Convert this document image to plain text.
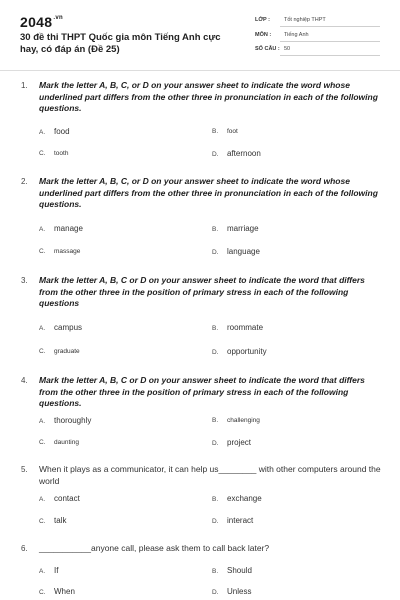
$2048^{.vn}$
30 đề thi THPT Quốc gia môn Tiếng Anh cực hay, có đáp án (Đề 25)
LỚP :	Tốt nghiệp THPT
MÔN : Tiếng Anh
SỐ CÂU : 50
1. Mark the letter A, B, C, or D on your answer sheet to indicate the word whose underlined part differs from the other three in pronunciation in each of the following questions.
A. food	B. foot
C. tooth	D. afternoon
2. Mark the letter A, B, C, or D on your answer sheet to indicate the word whose underlined part differs from the other three in pronunciation in each of the following questions.
A. manage	B. marriage
C. massage	D. language
3. Mark the letter A, B, C or D on your answer sheet to indicate the word that differs from the other three in the position of primary stress in each of the following questions
A. campus	B. roommate
C. graduate	D. opportunity
4. Mark the letter A, B, C or D on your answer sheet to indicate the word that differs from the other three in the position of primary stress in each of the following questions.
A. thoroughly	B. challenging
C. daunting	D. project
5. When it plays as a communicator, it can help us________ with other computers around the world
A. contact	B. exchange
C. talk	D. interact
6. ___________anyone call, please ask them to call back later?
A. If	B. Should
C. When	D. Unless
